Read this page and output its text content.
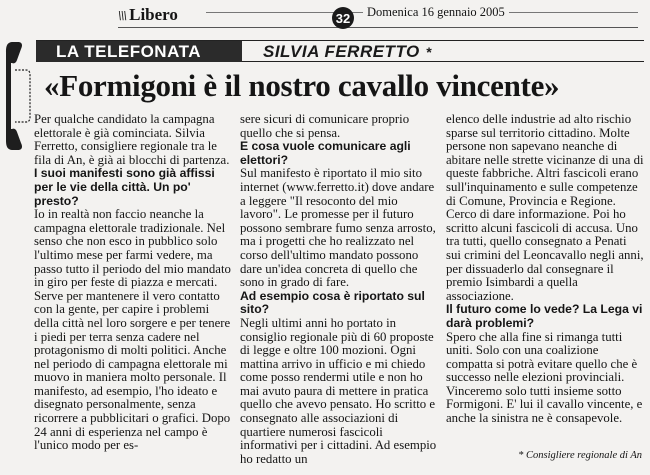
\\\ Libero	32	Domenica 16 gennaio 2005
LA TELEFONATA	SILVIA FERRETTO *
«Formigoni è il nostro cavallo vincente»

Per qualche candidato la campagna elettorale è già cominciata. Silvia Ferretto, consigliere regionale tra le fila di An, è già ai blocchi di partenza.

I suoi manifesti sono già affissi per le vie della città. Un po' presto?

Io in realtà non faccio neanche la campagna elettorale tradizionale. Nel senso che non esco in pubblico solo l'ultimo mese per farmi vedere, ma passo tutto il periodo del mio mandato in giro per feste di piazza e mercati. Serve per mantenere il vero contatto con la gente, per capire i problemi della città nel loro sorgere e per tenere i piedi per terra senza cadere nel protagonismo di molti politici. Anche nel periodo di campagna elettorale mi muovo in maniera molto personale. Il manifesto, ad esempio, l'ho ideato e disegnato personalmente, senza ricorrere a pubblicitari o grafici. Dopo 24 anni di esperienza nel campo è l'unico modo per es-

sere sicuri di comunicare proprio quello che si pensa.

E cosa vuole comunicare agli elettori?

Sul manifesto è riportato il mio sito internet (www.ferretto.it) dove andare a leggere "Il resoconto del mio lavoro". Le promesse per il futuro possono sembrare fumo senza arrosto, ma i progetti che ho realizzato nel corso dell'ultimo mandato possono dare un'idea concreta di quello che sono in grado di fare.

Ad esempio cosa è riportato sul sito?

Negli ultimi anni ho portato in consiglio regionale più di 60 proposte di legge e oltre 100 mozioni. Ogni mattina arrivo in ufficio e mi chiedo come posso rendermi utile e non ho mai avuto paura di mettere in pratica quello che avevo pensato. Ho scritto e consegnato alle associazioni di quartiere numerosi fascicoli informativi per i cittadini. Ad esempio ho redatto un

elenco delle industrie ad alto rischio sparse sul territorio cittadino. Molte persone non sapevano neanche di abitare nelle strette vicinanze di una di queste fabbriche. Altri fascicoli erano sull'inquinamento e sulle competenze di Comune, Provincia e Regione. Cerco di dare informazione. Poi ho scritto alcuni fascicoli di accusa. Uno tra tutti, quello consegnato a Penati sui crimini del Leoncavallo negli anni, per dissuaderlo dal consegnare il premio Isimbardi a quella associazione.

Il futuro come lo vede? La Lega vi darà problemi?

Spero che alla fine si rimanga tutti uniti. Solo con una coalizione compatta si potrà evitare quello che è successo nelle elezioni provinciali. Vinceremo solo tutti insieme sotto Formigoni. E' lui il cavallo vincente, e anche la sinistra ne è consapevole.

* Consigliere regionale di An
